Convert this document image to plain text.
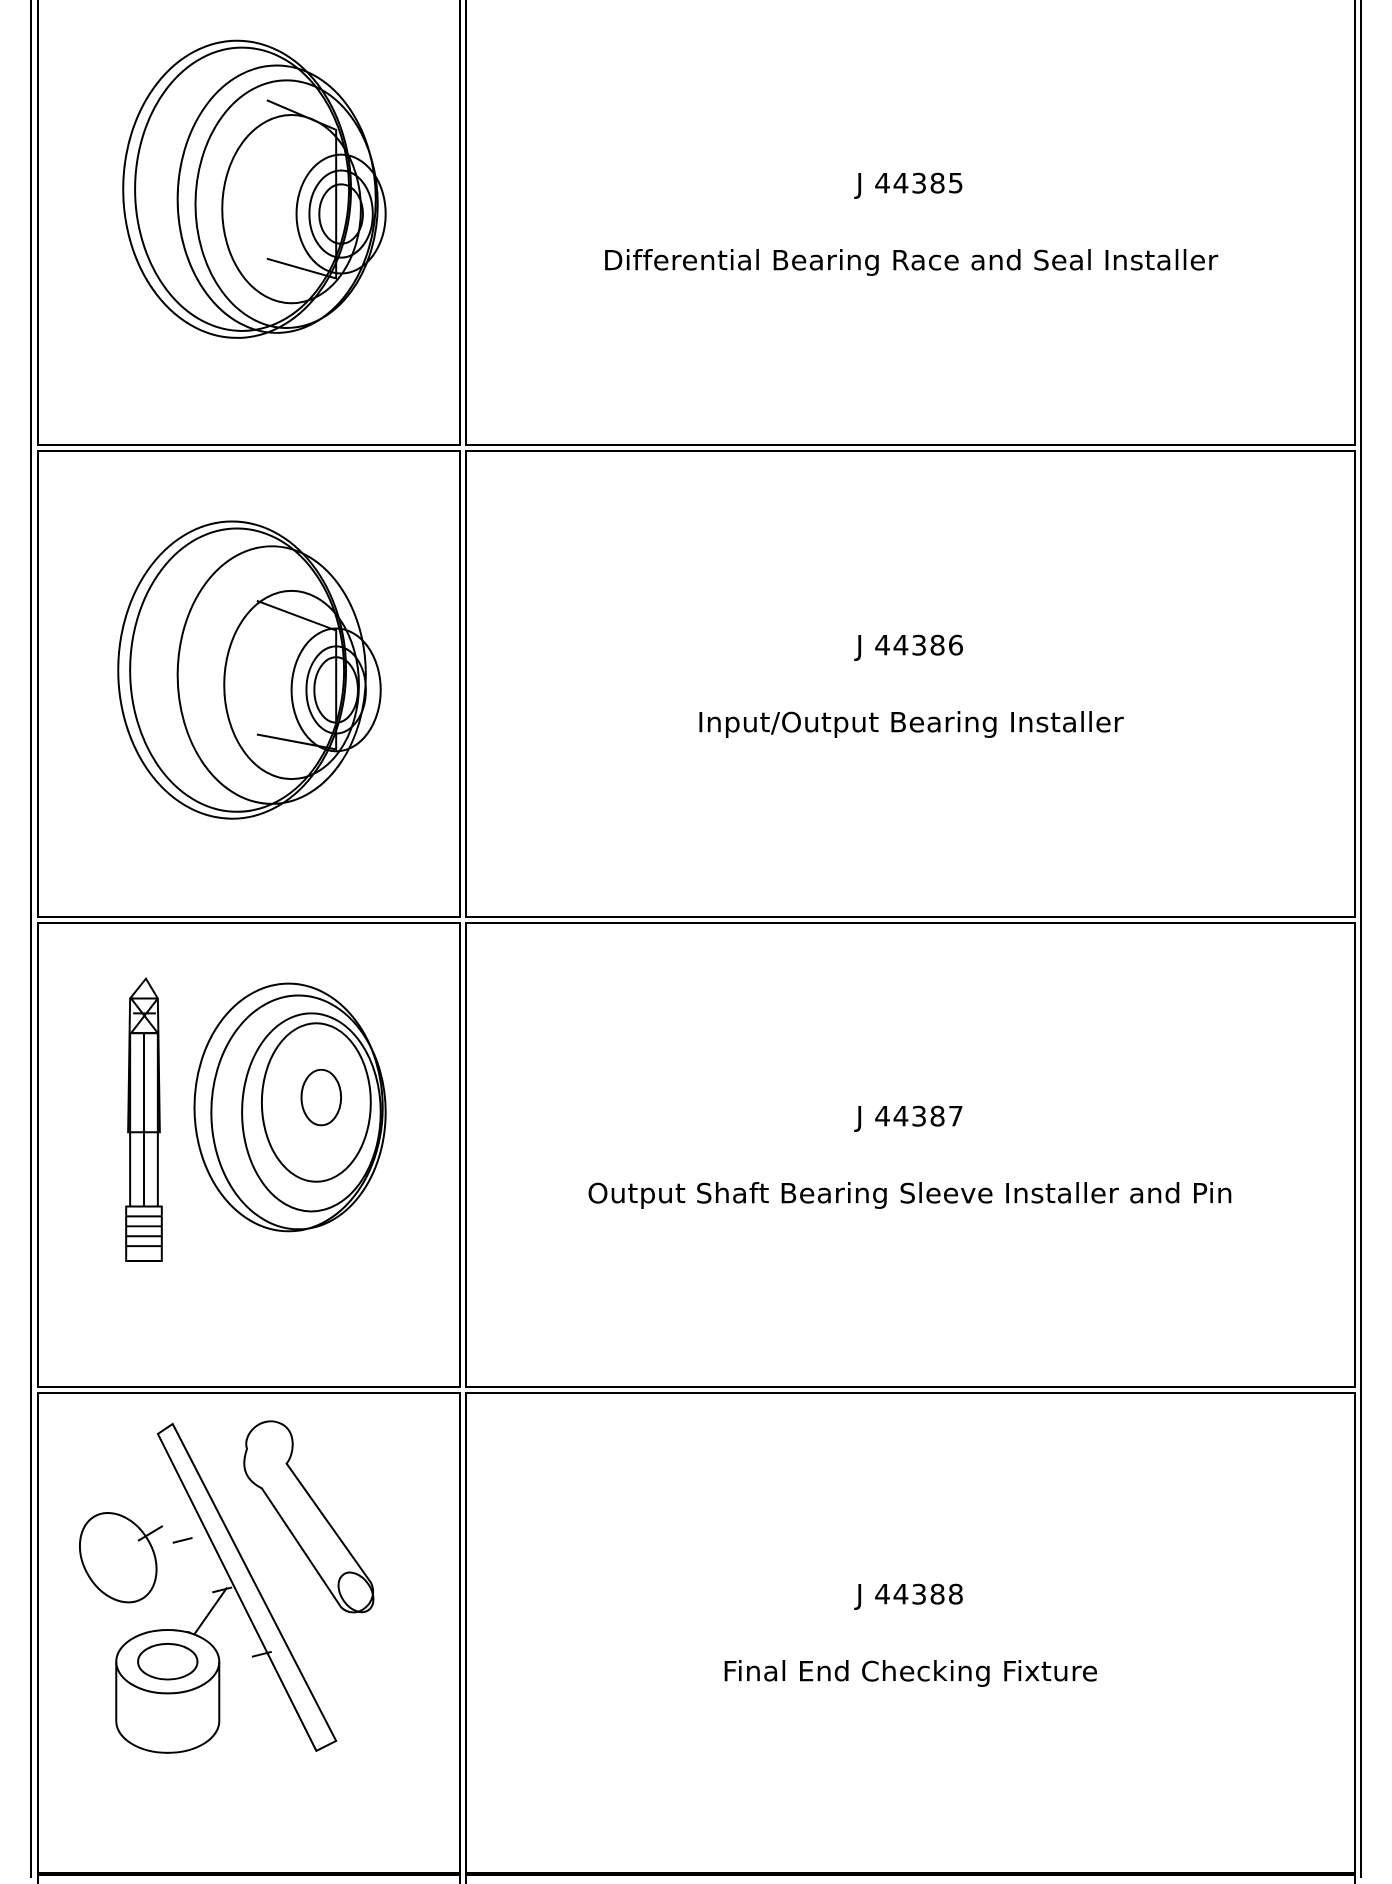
J 44385
Differential Bearing Race and Seal Installer
J 44386
Input/Output Bearing Installer
J 44387
Output Shaft Bearing Sleeve Installer and Pin
J 44388
Final End Checking Fixture
